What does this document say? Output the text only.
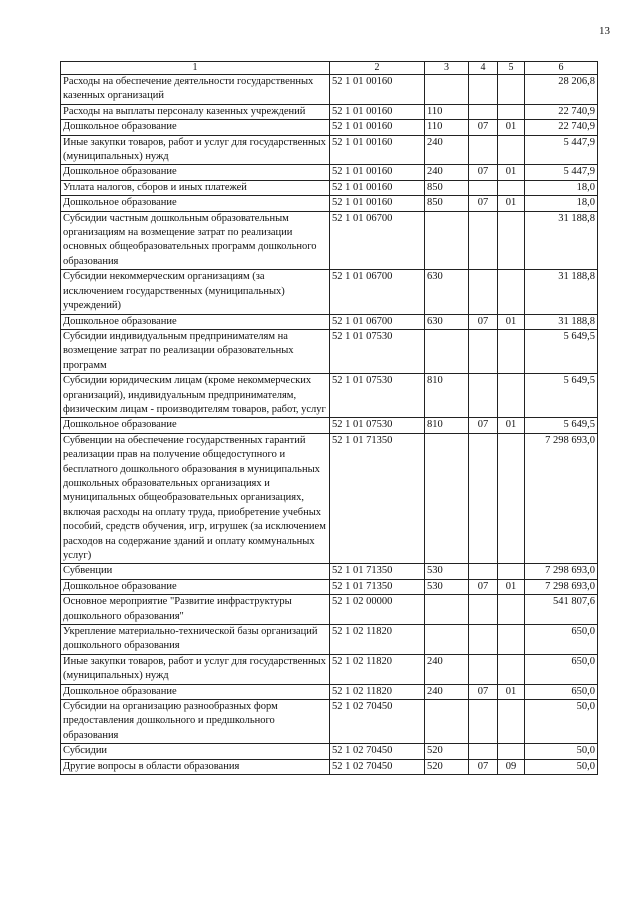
13
1	2	3	4	5	6
Расходы на обеспечение деятельности государственных казенных организаций	52 1 01 00160				28 206,8
Расходы на выплаты персоналу казенных учреждений	52 1 01 00160	110			22 740,9
Дошкольное образование	52 1 01 00160	110	07	01	22 740,9
Иные закупки товаров, работ и услуг для государственных (муниципальных) нужд	52 1 01 00160	240			5 447,9
Дошкольное образование	52 1 01 00160	240	07	01	5 447,9
Уплата налогов, сборов и иных платежей	52 1 01 00160	850			18,0
Дошкольное образование	52 1 01 00160	850	07	01	18,0
Субсидии частным дошкольным образовательным организациям на возмещение затрат по реализации основных общеобразовательных программ дошкольного образования	52 1 01 06700				31 188,8
Субсидии некоммерческим организациям (за исключением государственных (муниципальных) учреждений)	52 1 01 06700	630			31 188,8
Дошкольное образование	52 1 01 06700	630	07	01	31 188,8
Субсидии индивидуальным предпринимателям на возмещение затрат по реализации образовательных программ	52 1 01 07530				5 649,5
Субсидии юридическим лицам (кроме некоммерческих организаций), индивидуальным предпринимателям, физическим лицам - производителям товаров, работ, услуг	52 1 01 07530	810			5 649,5
Дошкольное образование	52 1 01 07530	810	07	01	5 649,5
Субвенции на обеспечение государственных гарантий реализации прав на получение общедоступного и бесплатного дошкольного образования в муниципальных дошкольных образовательных организациях и муниципальных общеобразовательных организациях, включая расходы на оплату труда, приобретение учебных пособий, средств обучения, игр, игрушек (за исключением расходов на содержание зданий и оплату коммунальных услуг)	52 1 01 71350				7 298 693,0
Субвенции	52 1 01 71350	530			7 298 693,0
Дошкольное образование	52 1 01 71350	530	07	01	7 298 693,0
Основное мероприятие "Развитие инфраструктуры дошкольного образования"	52 1 02 00000				541 807,6
Укрепление материально-технической базы организаций дошкольного образования	52 1 02 11820				650,0
Иные закупки товаров, работ и услуг для государственных (муниципальных) нужд	52 1 02 11820	240			650,0
Дошкольное образование	52 1 02 11820	240	07	01	650,0
Субсидии на организацию разнообразных форм предоставления дошкольного и предшкольного образования	52 1 02 70450				50,0
Субсидии	52 1 02 70450	520			50,0
Другие вопросы в области образования	52 1 02 70450	520	07	09	50,0
